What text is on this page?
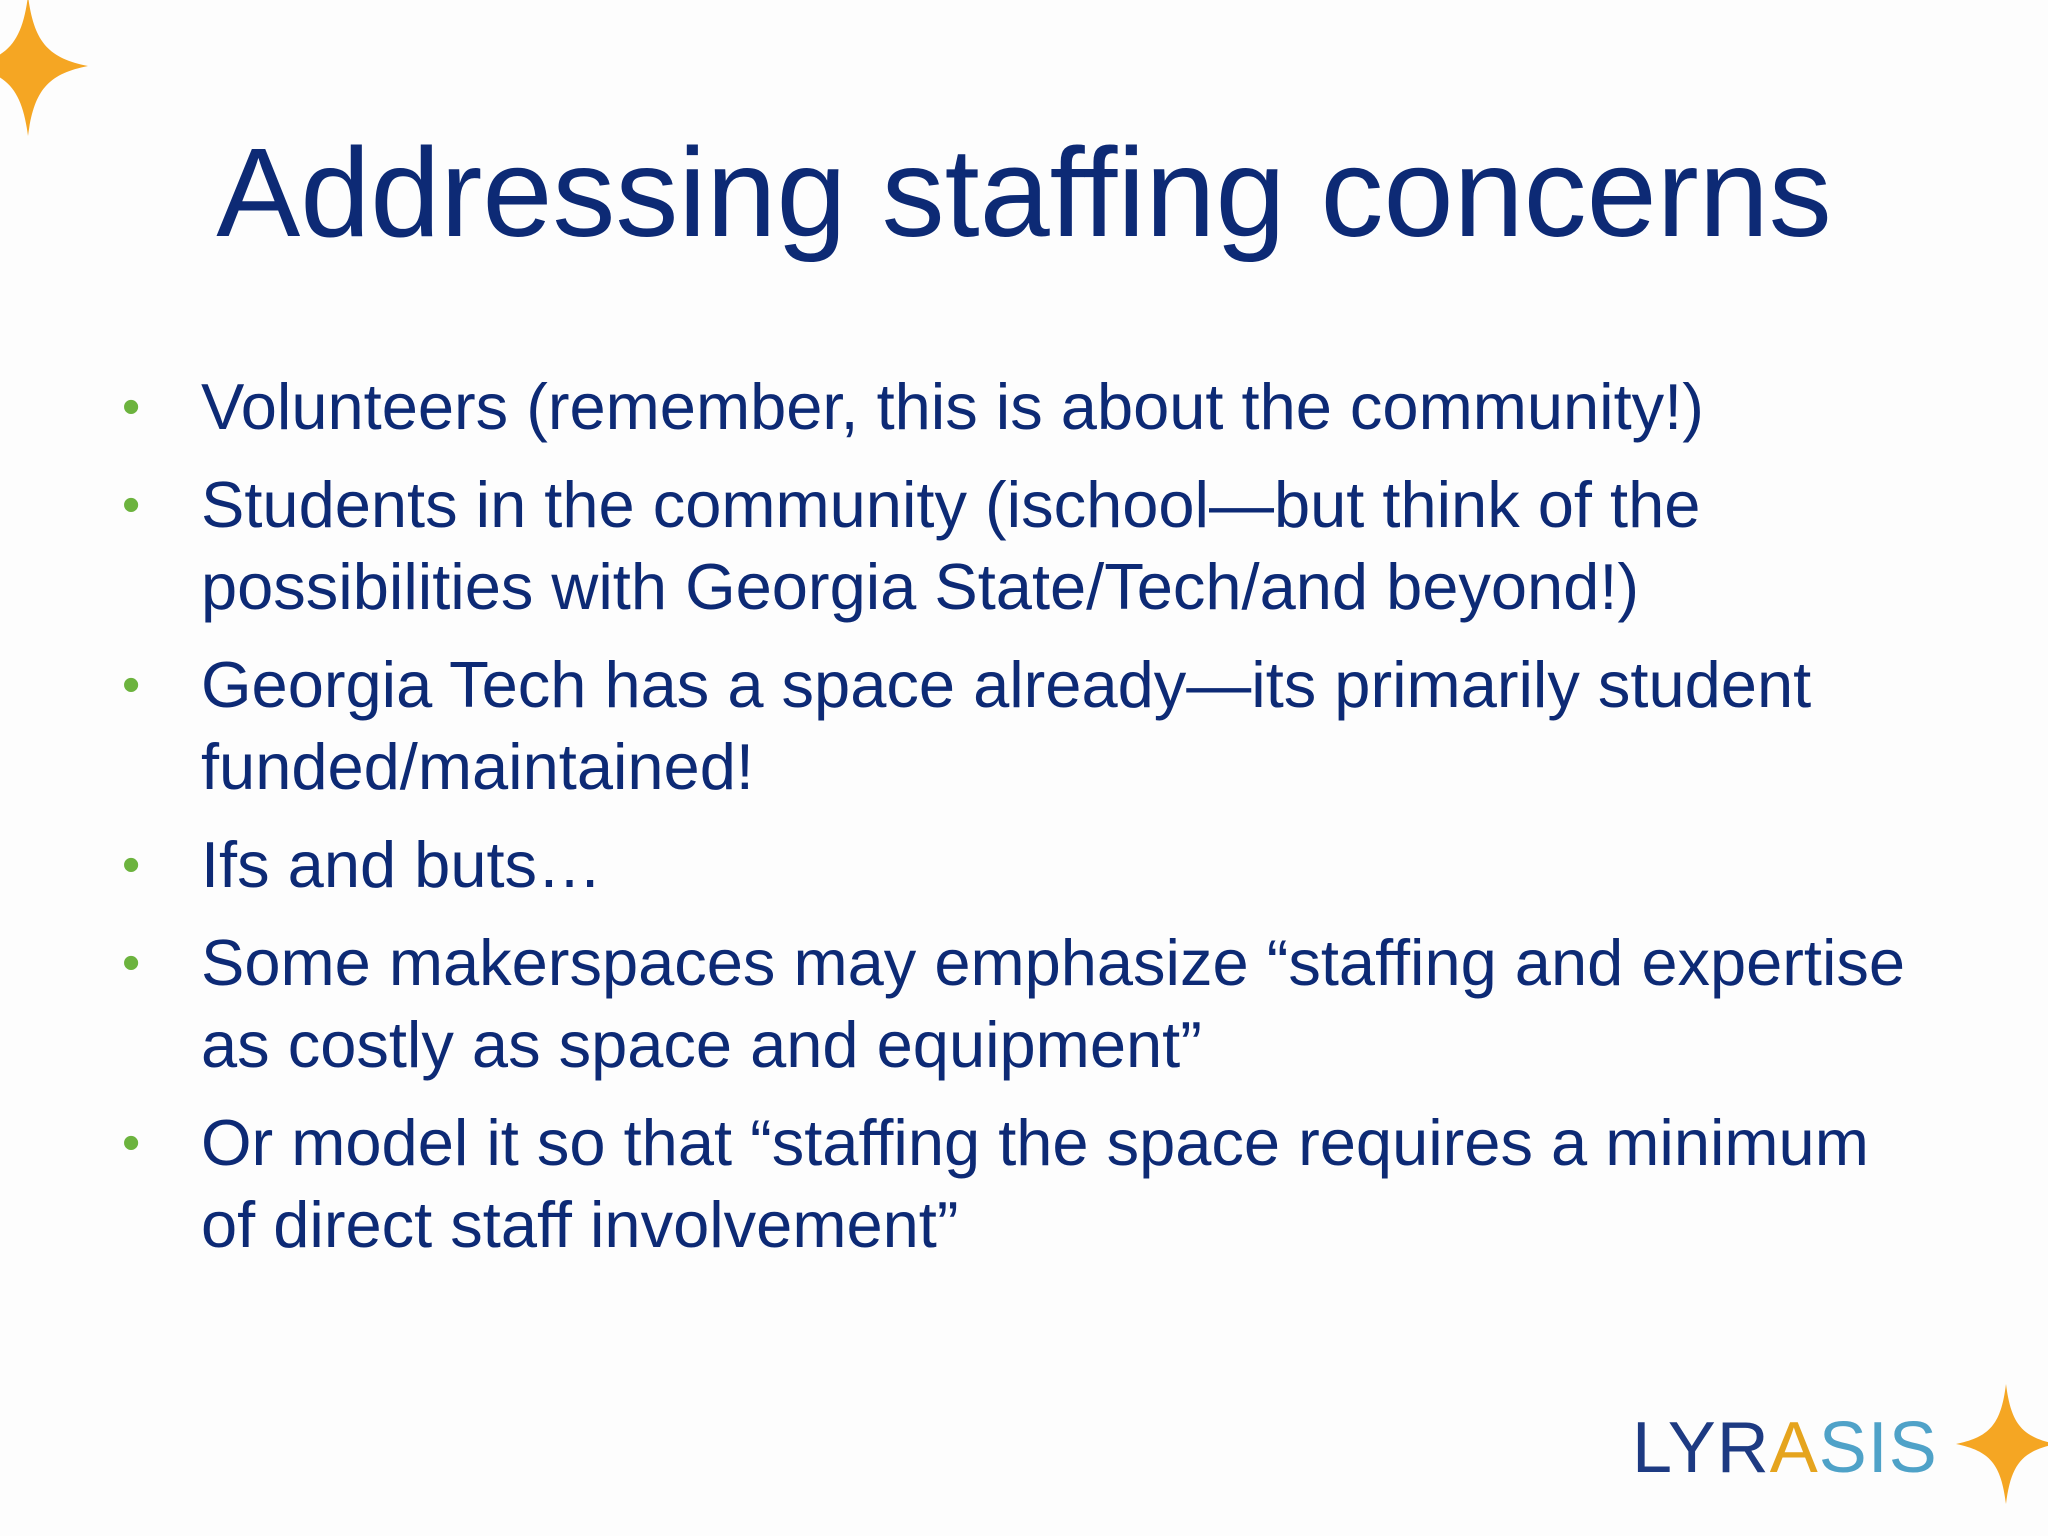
Addressing staffing concerns
• Volunteers (remember, this is about the community!)
• Students in the community (ischool—but think of the possibilities with Georgia State/Tech/and beyond!)
• Georgia Tech has a space already—its primarily student funded/maintained!
• Ifs and buts…
• Some makerspaces may emphasize “staffing and expertise as costly as space and equipment”
• Or model it so that “staffing the space requires a minimum of direct staff involvement”
LYRASIS
